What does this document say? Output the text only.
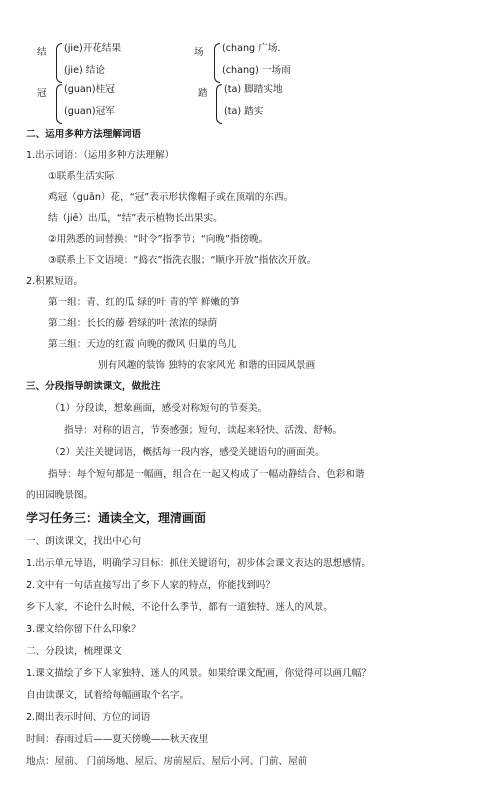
结 (jie)开花结果
(jie) 结论
场 (chang 广场.
(chang) 一场雨
冠 (guan)桂冠
(guan)冠军
踏 (ta) 脚踏实地
(ta) 踏实
二、运用多种方法理解词语
1.出示词语：（运用多种方法理解）
①联系生活实际
鸡冠（guān）花，“冠”表示形状像帽子或在顶端的东西。
结（jiē）出瓜，“结”表示植物长出果实。
②用熟悉的词替换：“时令”指季节；“向晚”指傍晚。
③联系上下文语境：“捣衣”指洗衣服；“顺序开放”指依次开放。
2.积累短语。
第一组：青、红的瓜 绿的叶 青的竿 鲜嫩的笋
第二组：长长的藤 碧绿的叶 浓浓的绿荫
第三组：天边的红霞 向晚的微风 归巢的鸟儿
别有风趣的装饰 独特的农家风光 和谐的田园风景画
三、分段指导朗读课文，做批注
（1）分段读，想象画面，感受对称短句的节奏美。
指导：对称的语言，节奏感强；短句，读起来轻快、活泼、舒畅。
（2）关注关键词语，概括每一段内容，感受关键语句的画面美。
指导：每个短句都是一幅画，组合在一起又构成了一幅动静结合、色彩和谐
的田园晚景图。
学习任务三：通读全文，理清画面
一、朗读课文，找出中心句
1.出示单元导语，明确学习目标：抓住关键语句，初步体会课文表达的思想感情。
2.文中有一句话直接写出了乡下人家的特点，你能找到吗？
乡下人家，不论什么时候，不论什么季节，都有一道独特、迷人的风景。
3.课文给你留下什么印象？
二、分段读，梳理课文
1.课文描绘了乡下人家独特、迷人的风景。如果给课文配画，你觉得可以画几幅？
自由读课文，试着给每幅画取个名字。
2.圈出表示时间、方位的词语
时间：春雨过后——夏天傍晚——秋天夜里
地点：屋前、 门前场地、屋后、房前屋后、屋后小河、门前、屋前
